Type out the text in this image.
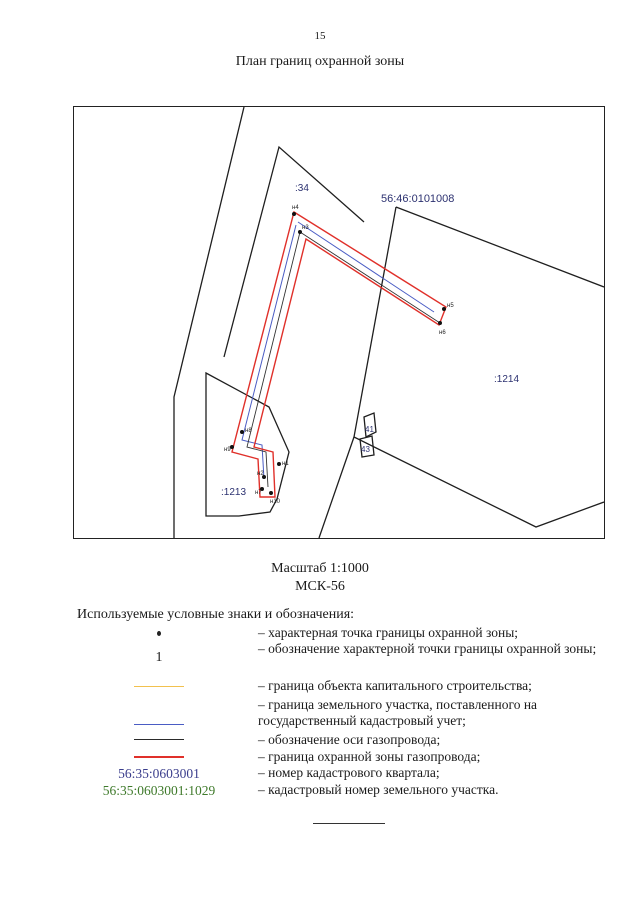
15
План границ охранной зоны
н4
н3
н5
н6
н8
н9
н1
н2
н7
н10
:34
56:46:0101008
:1214
:1213
41
43
Масштаб 1:1000
МСК-56
Используемые условные знаки и обозначения:
– характерная точка границы охранной зоны;
1
– обозначение характерной точки границы охранной зоны;
– граница объекта капитального строительства;
– граница земельного участка, поставленного на государственный кадастровый учет;
– обозначение оси газопровода;
– граница охранной зоны газопровода;
56:35:0603001	– номер кадастрового квартала;
56:35:0603001:1029	– кадастровый номер земельного участка.
